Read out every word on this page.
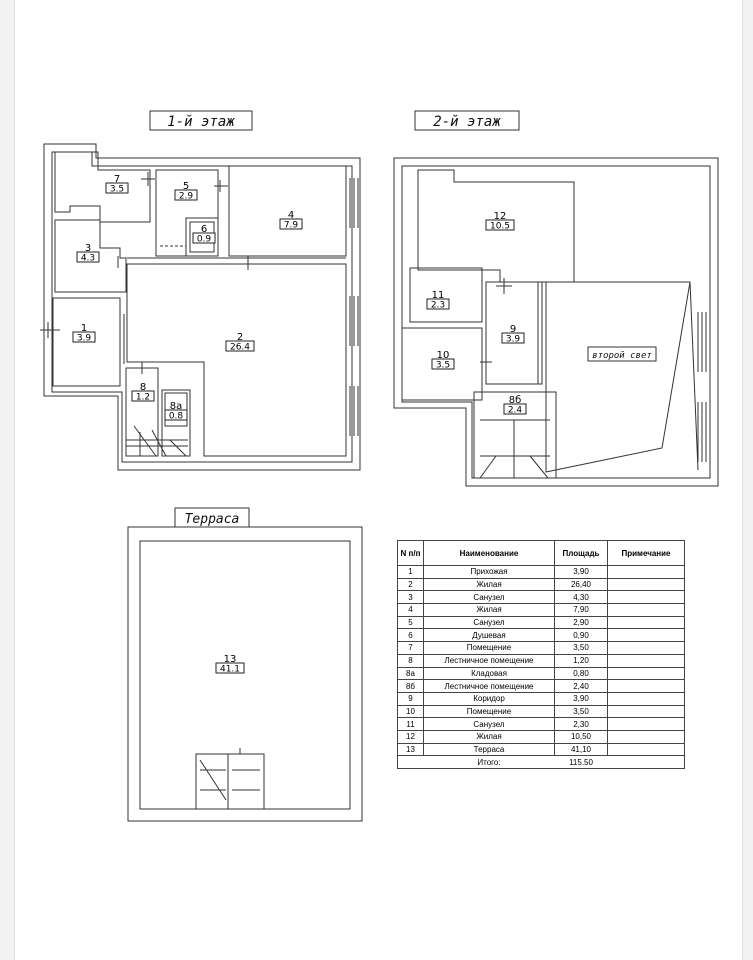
1-й этаж	2-й этаж
Терраса
второй свет
7
3.5	5
2.9
6
0.9
4
7.9
3
4.3
1
3.9	2
26.4
8
1.2
8а
0.8
12
10.5
11
2.3
9
3.9
10
3.5
8б
2.4
13
41.1
N п/п	Наименование	Площадь	Примечание
1	Прихожая	3,90	
2	Жилая	26,40	
3	Санузел	4,30	
4	Жилая	7,90	
5	Санузел	2,90	
6	Душевая	0,90	
7	Помещение	3,50	
8	Лестничное помещение	1,20	
8а	Кладовая	0,80	
8б	Лестничное помещение	2,40	
9	Коридор	3,90	
10	Помещение	3,50	
11	Санузел	2,30	
12	Жилая	10,50	
13	Терраса	41,10	
	Итого:	115.50	
